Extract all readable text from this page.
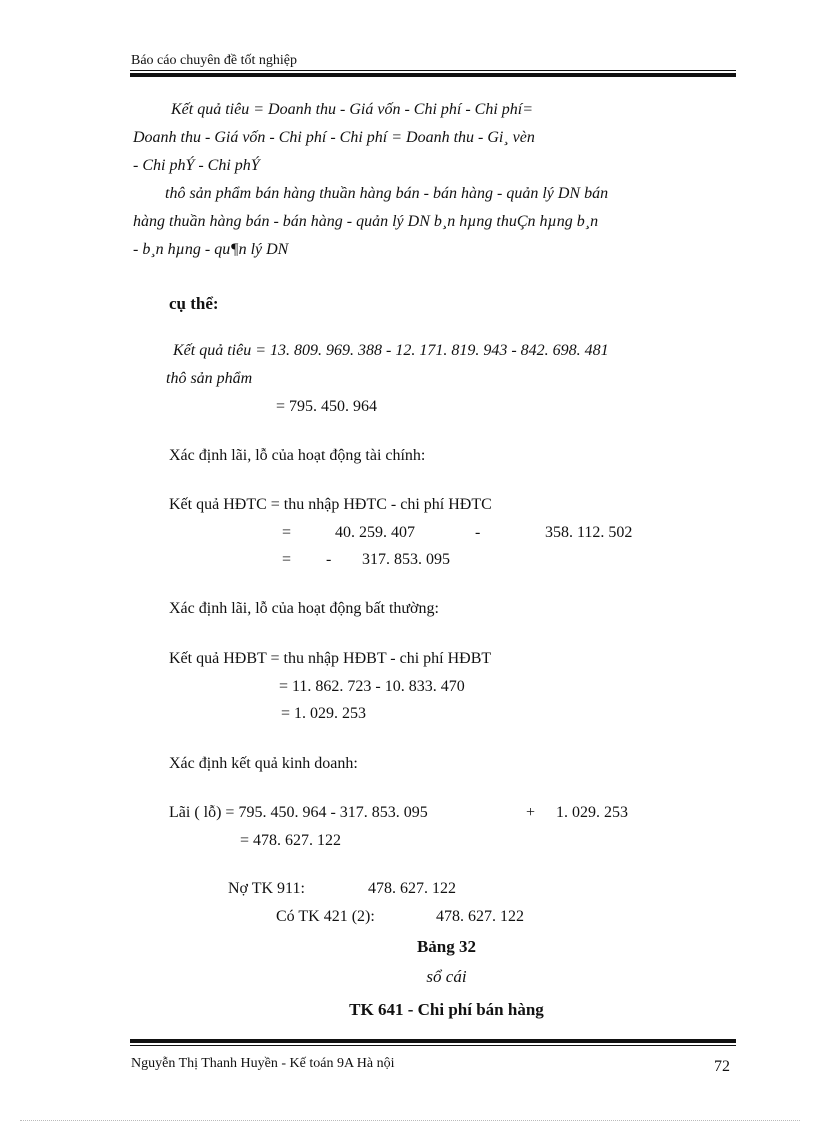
Báo cáo chuyên đề tốt nghiệp
Kết quả tiêu = Doanh thu - Giá vốn - Chi phí - Chi phí=
Doanh thu - Giá vốn - Chi phí - Chi phí = Doanh thu - Gi¸ vèn
- Chi phÝ - Chi phÝ
thô sản phẩm bán hàng thuần hàng bán - bán hàng - quản lý DN bán
hàng thuần hàng bán - bán hàng - quản lý DN b¸n hµng thuÇn hµng b¸n
- b¸n hµng - qu¶n lý DN
cụ thể:
Kết quả tiêu = 13. 809. 969. 388 - 12. 171. 819. 943 - 842. 698. 481
thô sản phẩm
= 795. 450. 964
Xác định lãi, lỗ của hoạt động tài chính:
Kết quả HĐTC = thu nhập HĐTC - chi phí HĐTC
=	40. 259. 407	-	358. 112. 502
= - 317. 853. 095
Xác định lãi, lỗ của hoạt động bất thường:
Kết quả HĐBT = thu nhập HĐBT - chi phí HĐBT
= 11. 862. 723 - 10. 833. 470
= 1. 029. 253
Xác định kết quả kinh doanh:
Lãi ( lỗ) = 795. 450. 964 - 317. 853. 095	+ 1. 029. 253
= 478. 627. 122
Nợ TK 911:	478. 627. 122
Có TK 421 (2):	478. 627. 122
Bảng 32
sổ cái
TK 641 - Chi phí bán hàng
Nguyễn Thị Thanh Huyền - Kế toán 9A Hà nội	72
